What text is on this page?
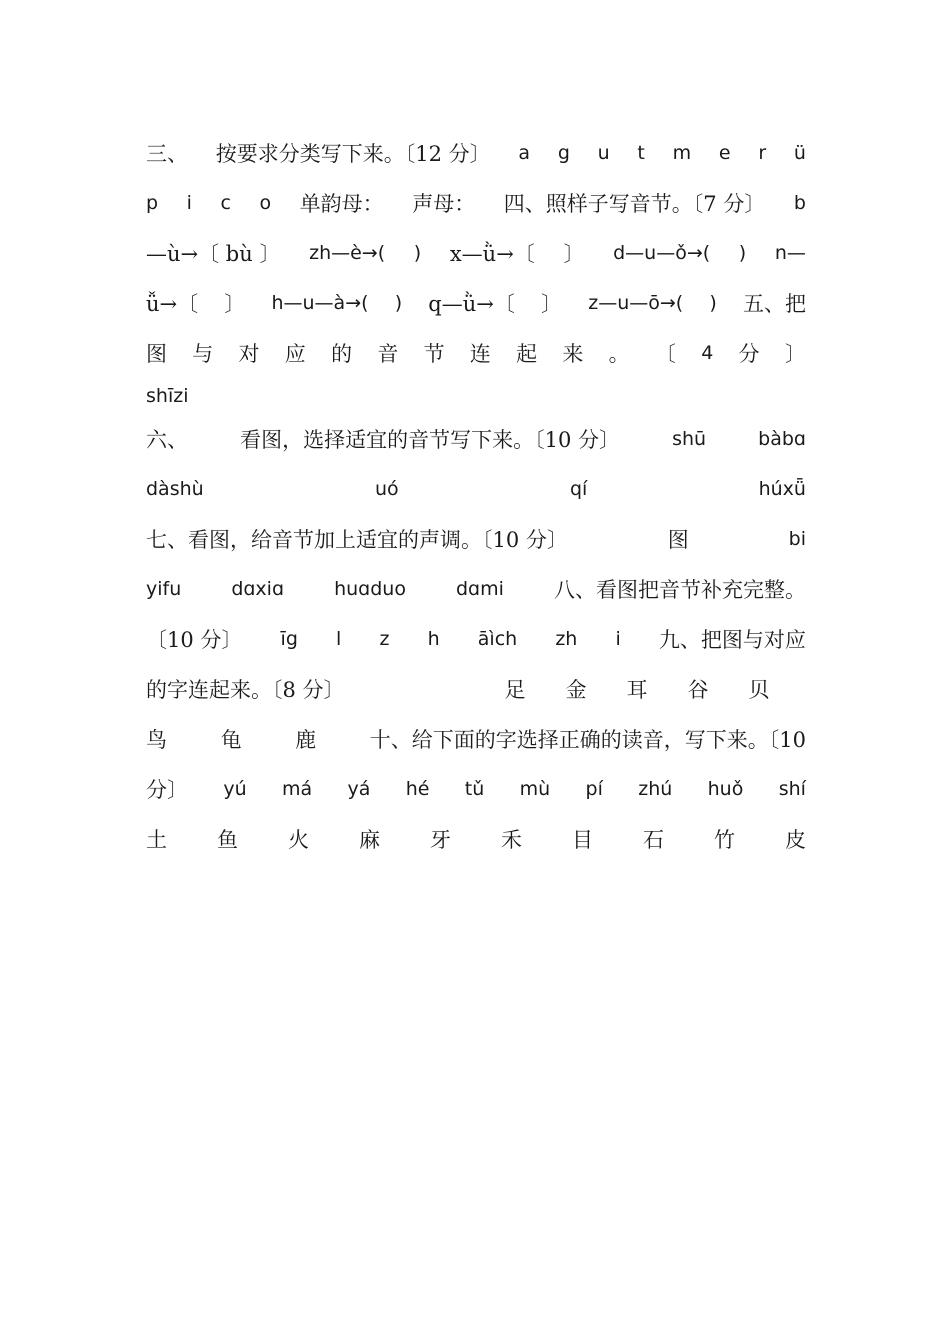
三、 按要求分类写下来。〔12 分〕 a g u t m e r ü
p i c o 单韵母： 声母： 四、照样子写音节。〔7 分〕 b
—ù→〔 bù 〕 zh—è→( ) x—ǜ→〔 〕 d—u—ǒ→( ) n—
ǚ→〔 〕 h—u—à→( ) q—ǜ→〔 〕 z—u—ō→( ) 五、把
图 与 对 应 的 音 节 连 起 来 。 〔 4 分 〕
shīzi
六、 看图，选择适宜的音节写下来。〔10 分〕	shū	bàbɑ
dàshù	uó	qí	húxǖ
七、看图，给音节加上适宜的声调。〔10 分〕	图	bi
yifu	dɑxiɑ	huɑduo	dɑmi 八、看图把音节补充完整。
〔10 分〕 īg l z h āìch zh i 九、把图与对应
的字连起来。〔8 分〕	足 金 耳 谷 贝
鸟	龟	鹿	十、给下面的字选择正确的读音，写下来。〔10
分〕 yú má yá hé tǔ mù pí zhú huǒ shí
土 鱼 火 麻 牙 禾 目 石 竹 皮
